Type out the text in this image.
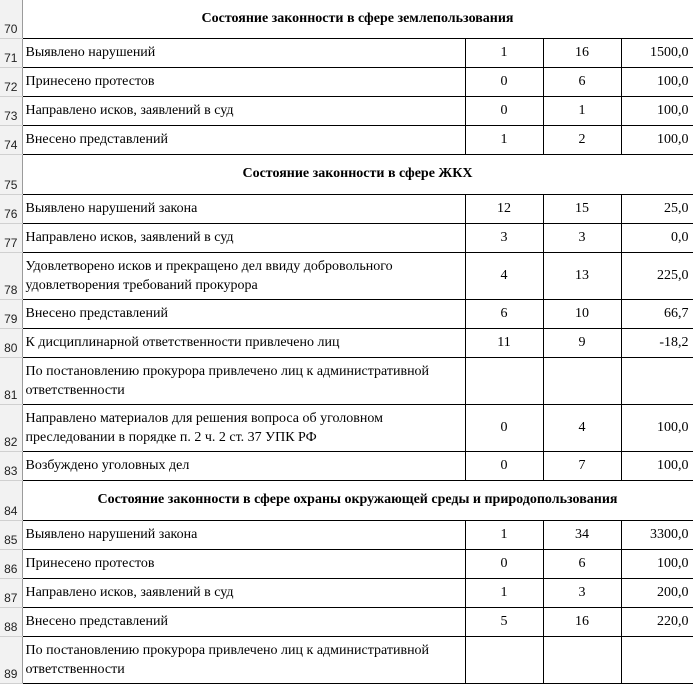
70	Состояние законности в сфере землепользования			
71	Выявлено нарушений	1	16	1500,0
72	Принесено протестов	0	6	100,0
73	Направлено исков, заявлений в суд	0	1	100,0
74	Внесено представлений	1	2	100,0
75	Состояние законности в сфере ЖКХ			
76	Выявлено нарушений закона	12	15	25,0
77	Направлено исков, заявлений в суд	3	3	0,0
78	Удовлетворено исков и прекращено дел ввиду добровольного удовлетворения требований прокурора	4	13	225,0
79	Внесено представлений	6	10	66,7
80	К дисциплинарной ответственности привлечено лиц	11	9	-18,2
81	По постановлению прокурора привлечено лиц к административной ответственности			
82	Направлено материалов для решения вопроса об уголовном преследовании в порядке п. 2 ч. 2 ст. 37 УПК РФ	0	4	100,0
83	Возбуждено уголовных дел	0	7	100,0
84	Состояние законности в сфере охраны окружающей среды и природопользования			
85	Выявлено нарушений закона	1	34	3300,0
86	Принесено протестов	0	6	100,0
87	Направлено исков, заявлений в суд	1	3	200,0
88	Внесено представлений	5	16	220,0
89	По постановлению прокурора привлечено лиц к административной ответственности			
